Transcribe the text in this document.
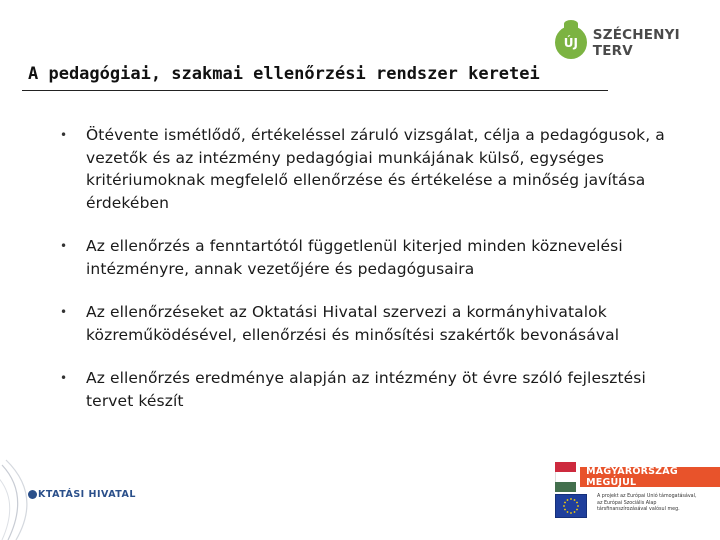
ÚJ SZÉCHENYI TERV
A pedagógiai, szakmai ellenőrzési rendszer keretei
•	Ötévente ismétlődő, értékeléssel záruló vizsgálat, célja a pedagógusok, a vezetők és az intézmény pedagógiai munkájának külső, egységes kritériumoknak megfelelő ellenőrzése és értékelése a minőség javítása érdekében
•	Az ellenőrzés a fenntartótól függetlenül kiterjed minden köznevelési intézményre, annak vezetőjére és pedagógusaira
•	Az ellenőrzéseket az Oktatási Hivatal szervezi a kormányhivatalok közreműködésével, ellenőrzési és minősítési szakértők bevonásával
•	Az ellenőrzés eredménye alapján az intézmény öt évre szóló fejlesztési tervet készít
KTATÁSI HIVATAL
MAGYARORSZÁG MEGÚJUL
A projekt az Európai Unió támogatásával, az Európai Szociális Alap társfinanszírozásával valósul meg.
